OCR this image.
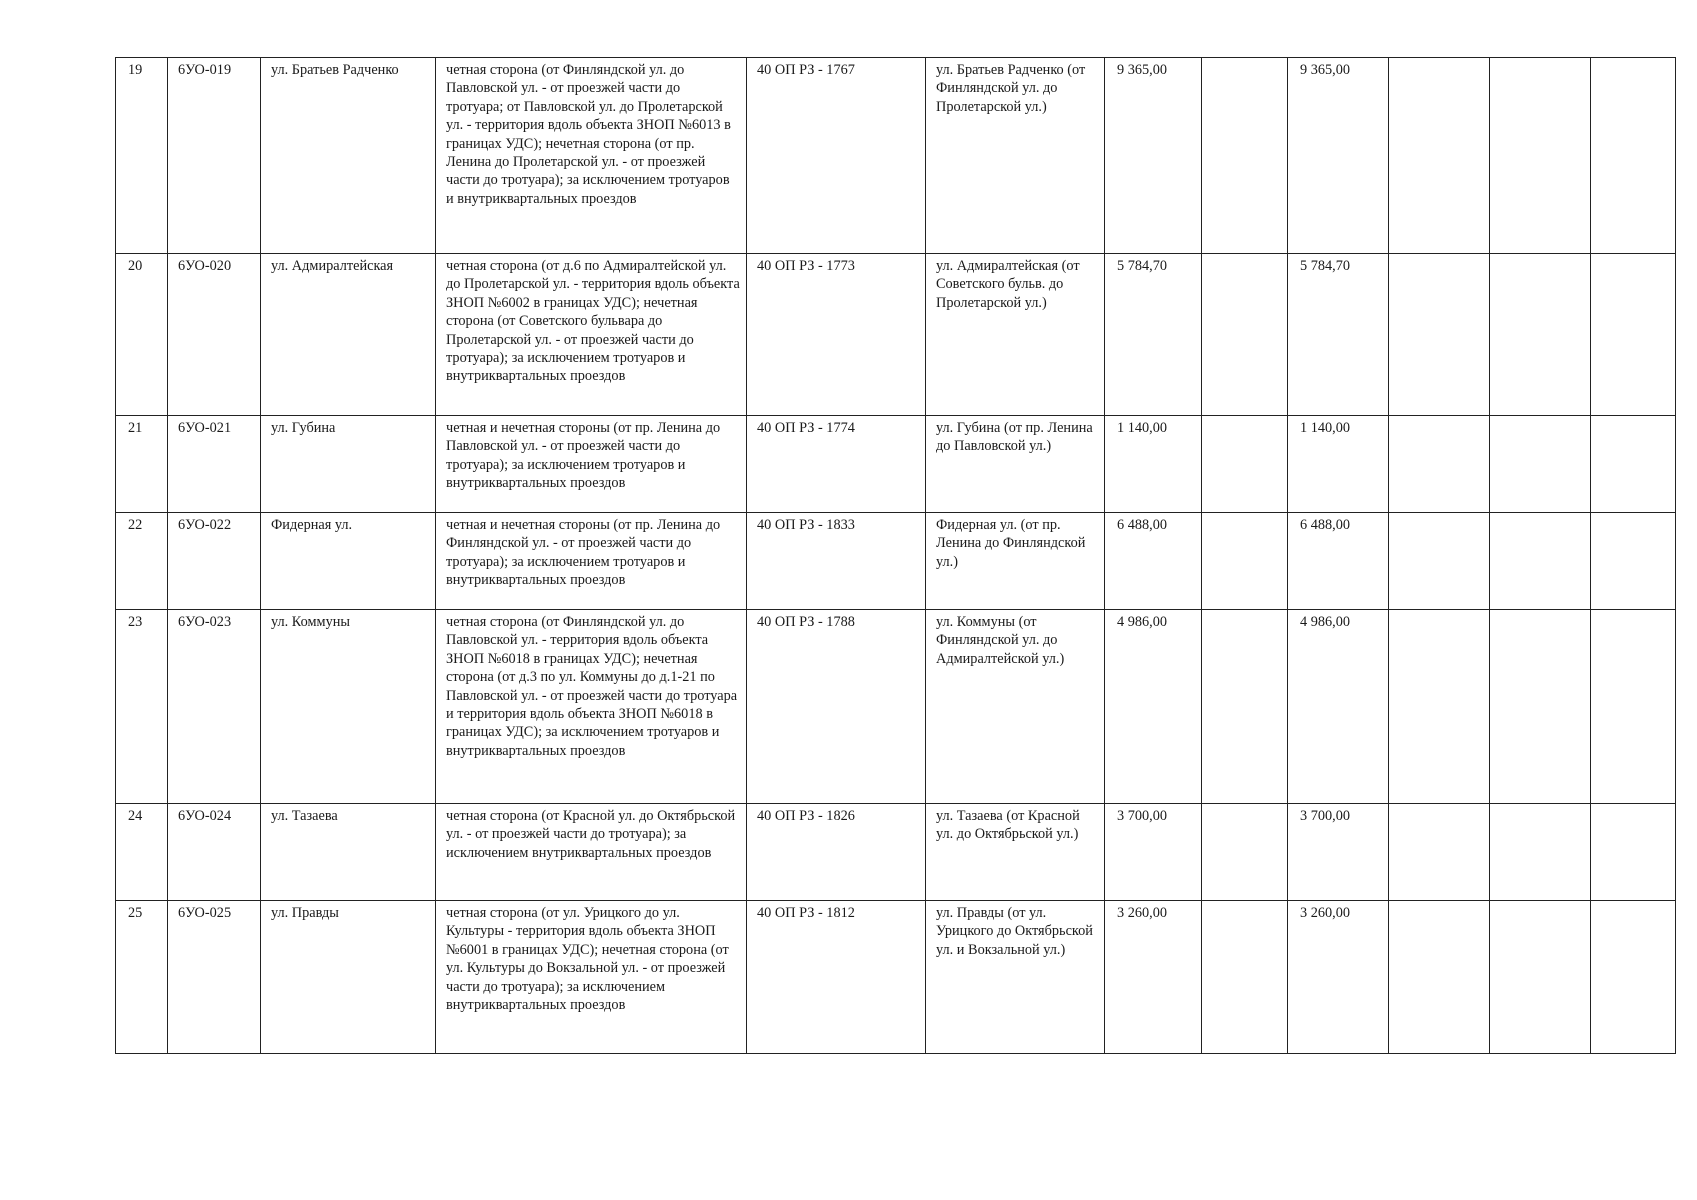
19	6УО-019	ул. Братьев Радченко	четная сторона (от Финляндской ул. до Павловской ул. - от проезжей части до тротуара; от Павловской ул. до Пролетарской ул. - территория вдоль объекта ЗНОП №6013 в границах УДС); нечетная сторона (от пр. Ленина до Пролетарской ул. - от проезжей части до тротуара); за исключением тротуаров и внутриквартальных проездов	40 ОП РЗ - 1767	ул. Братьев Радченко (от Финляндской ул. до Пролетарской ул.)	9 365,00		9 365,00			
20	6УО-020	ул. Адмиралтейская	четная сторона (от д.6 по Адмиралтейской ул. до Пролетарской ул. - территория вдоль объекта ЗНОП №6002 в границах УДС); нечетная сторона (от Советского бульвара до Пролетарской ул. - от проезжей части до тротуара); за исключением тротуаров и внутриквартальных проездов	40 ОП РЗ - 1773	ул. Адмиралтейская (от Советского бульв. до Пролетарской ул.)	5 784,70		5 784,70			
21	6УО-021	ул. Губина	четная и нечетная стороны (от пр. Ленина до Павловской ул. - от проезжей части до тротуара); за исключением тротуаров и внутриквартальных проездов	40 ОП РЗ - 1774	ул. Губина (от пр. Ленина до Павловской ул.)	1 140,00		1 140,00			
22	6УО-022	Фидерная ул.	четная и нечетная стороны (от пр. Ленина до Финляндской ул. - от проезжей части до тротуара); за исключением тротуаров и внутриквартальных проездов	40 ОП РЗ - 1833	Фидерная ул. (от пр. Ленина до Финляндской ул.)	6 488,00		6 488,00			
23	6УО-023	ул. Коммуны	четная сторона (от Финляндской ул. до Павловской ул. - территория вдоль объекта ЗНОП №6018 в границах УДС); нечетная сторона (от д.3 по ул. Коммуны до д.1-21 по Павловской ул. - от проезжей части до тротуара и территория вдоль объекта ЗНОП №6018 в границах УДС); за исключением тротуаров и внутриквартальных проездов	40 ОП РЗ - 1788	ул. Коммуны (от Финляндской ул. до Адмиралтейской ул.)	4 986,00		4 986,00			
24	6УО-024	ул. Тазаева	четная сторона (от Красной ул. до Октябрьской ул. - от проезжей части до тротуара); за исключением внутриквартальных проездов	40 ОП РЗ - 1826	ул. Тазаева (от Красной ул. до Октябрьской ул.)	3 700,00		3 700,00			
25	6УО-025	ул. Правды	четная сторона (от ул. Урицкого до ул. Культуры - территория вдоль объекта ЗНОП №6001 в границах УДС); нечетная сторона (от ул. Культуры до Вокзальной ул. - от проезжей части до тротуара); за исключением внутриквартальных проездов	40 ОП РЗ - 1812	ул. Правды (от ул. Урицкого до Октябрьской ул. и Вокзальной ул.)	3 260,00		3 260,00			
